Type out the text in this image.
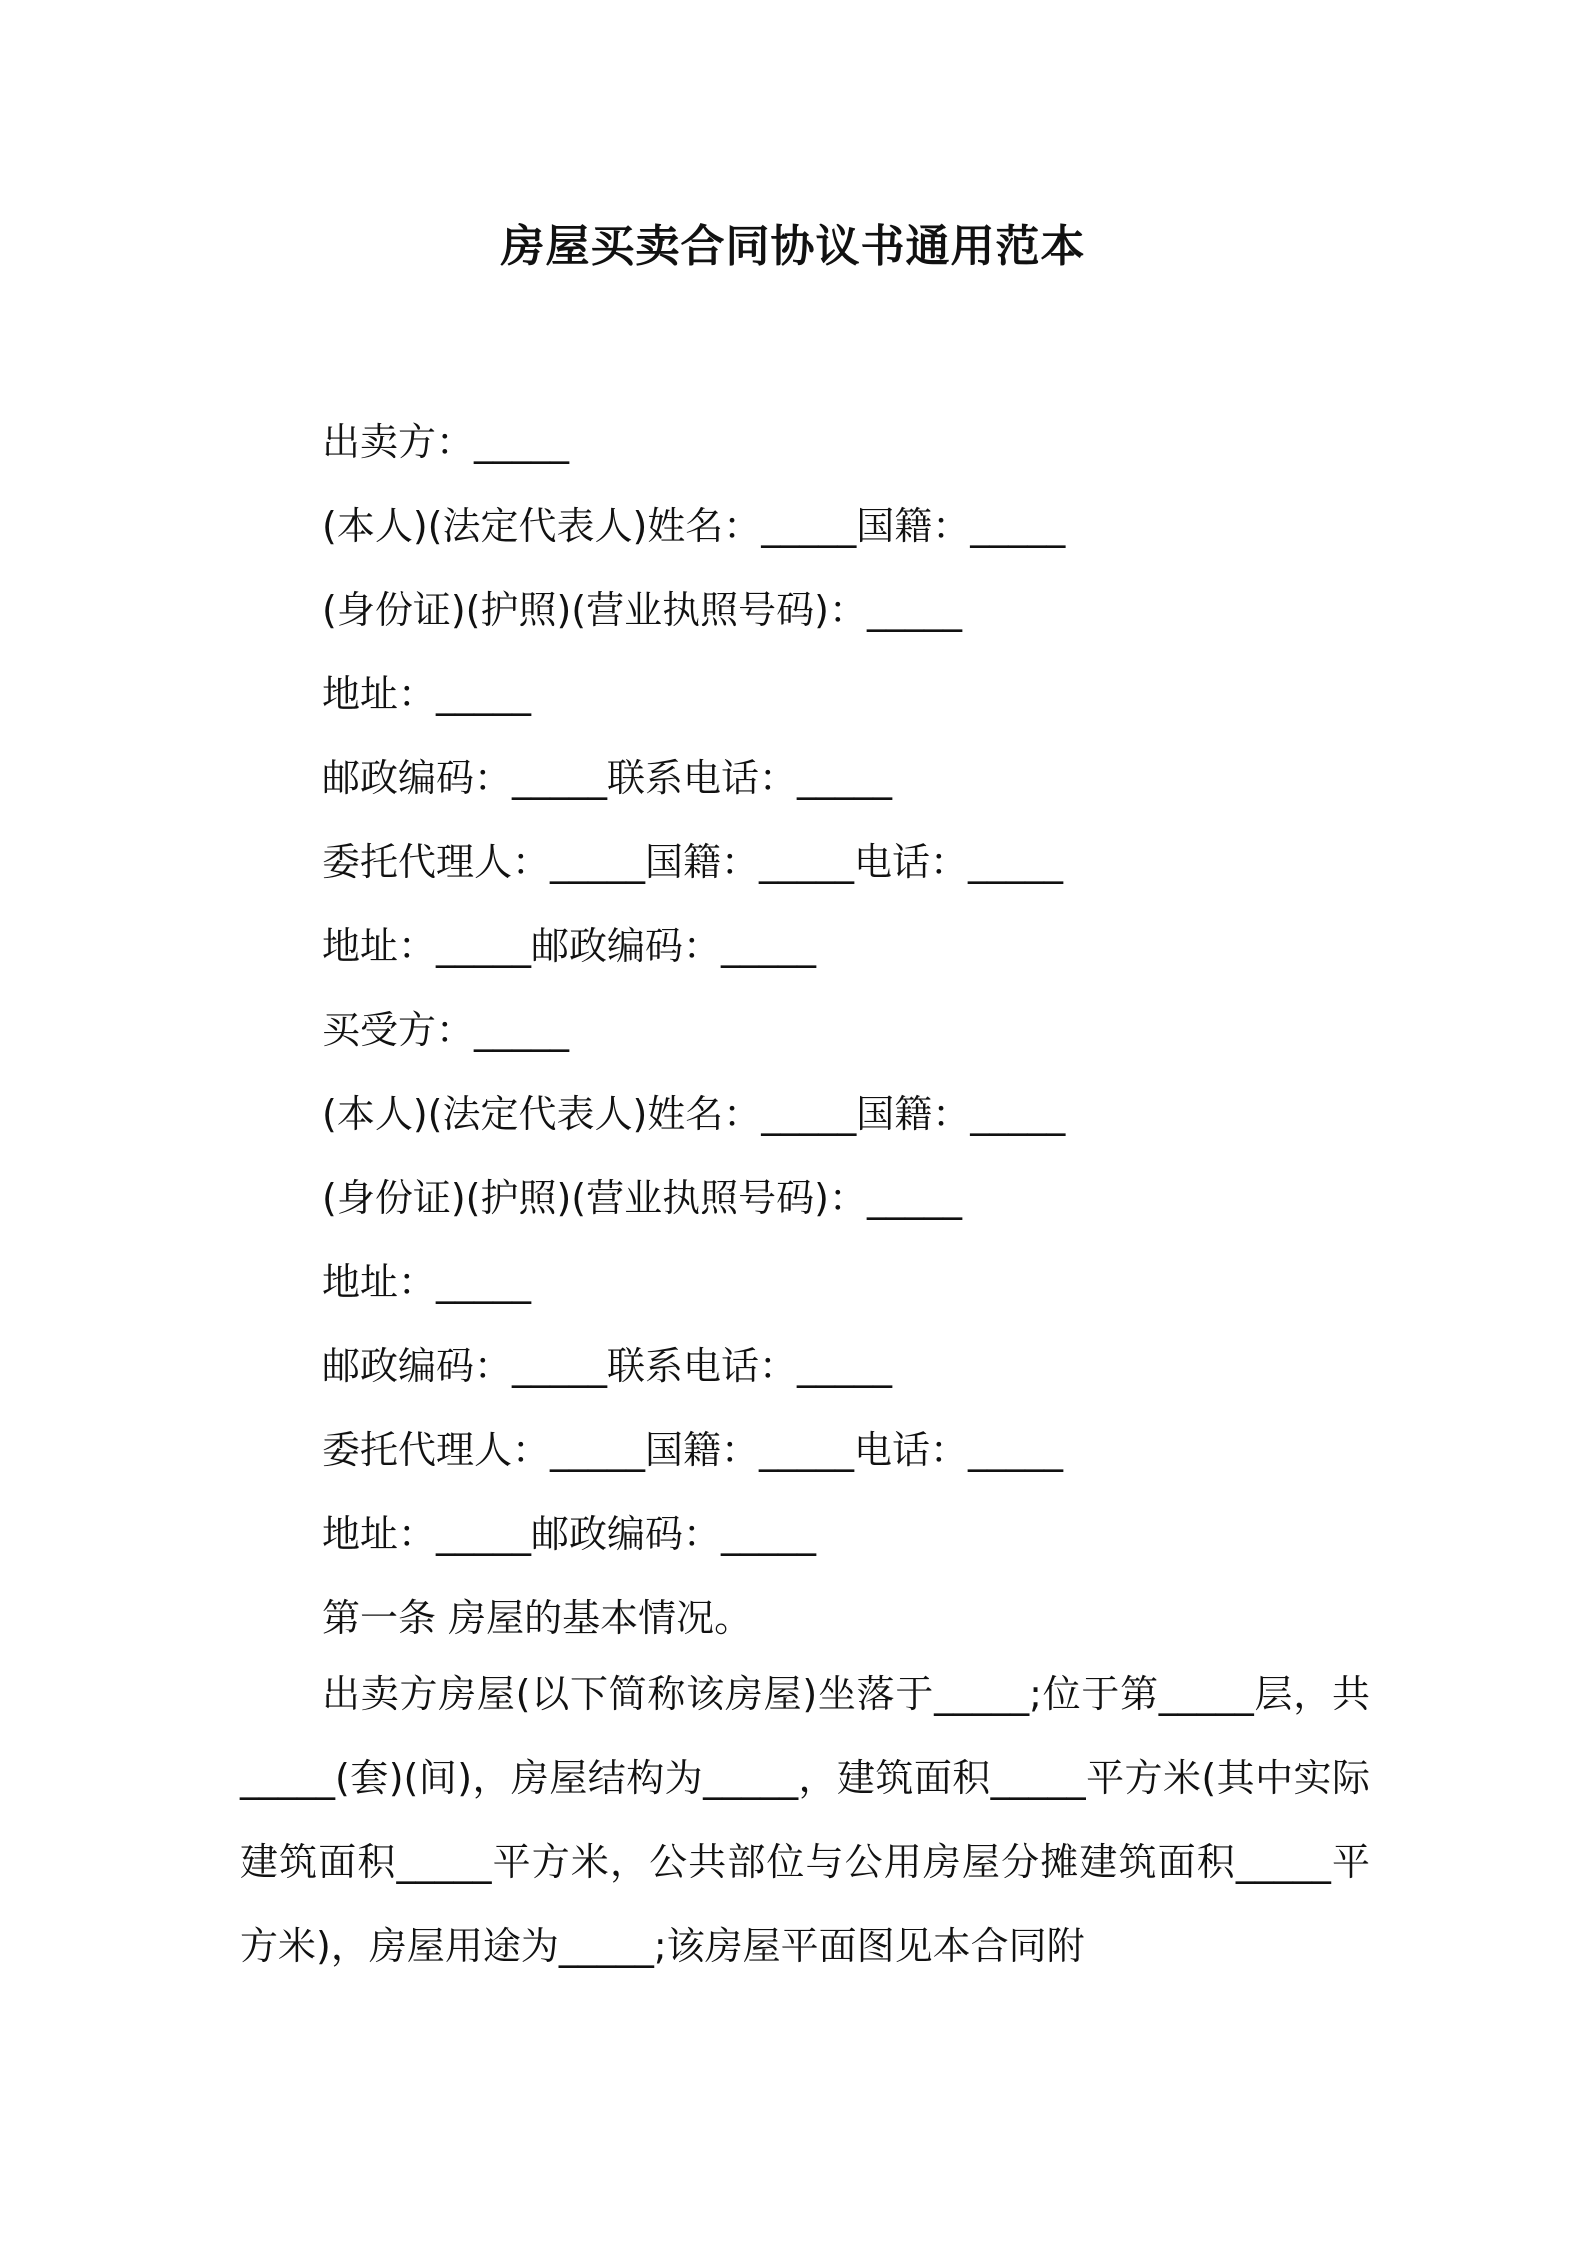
房屋买卖合同协议书通用范本
出卖方：_____
(本人)(法定代表人)姓名：_____国籍：_____
(身份证)(护照)(营业执照号码)：_____
地址：_____
邮政编码：_____联系电话：_____
委托代理人：_____国籍：_____电话：_____
地址：_____邮政编码：_____
买受方：_____
(本人)(法定代表人)姓名：_____国籍：_____
(身份证)(护照)(营业执照号码)：_____
地址：_____
邮政编码：_____联系电话：_____
委托代理人：_____国籍：_____电话：_____
地址：_____邮政编码：_____
第一条 房屋的基本情况。
出卖方房屋(以下简称该房屋)坐落于_____;位于第_____层，共_____(套)(间)，房屋结构为_____，建筑面积_____平方米(其中实际建筑面积_____平方米，公共部位与公用房屋分摊建筑面积_____平方米)，房屋用途为_____;该房屋平面图见本合同附
